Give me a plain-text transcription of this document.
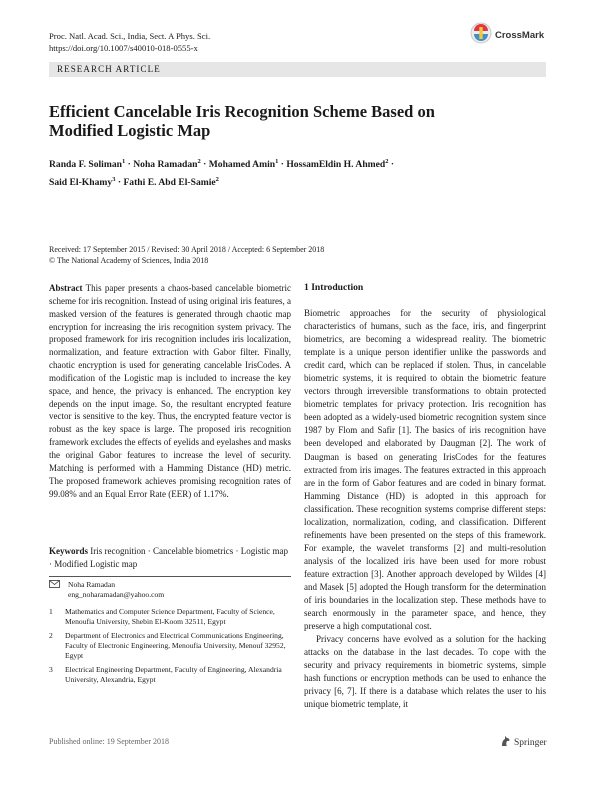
Proc. Natl. Acad. Sci., India, Sect. A Phys. Sci.
https://doi.org/10.1007/s40010-018-0555-x
CrossMark
RESEARCH ARTICLE
Efficient Cancelable Iris Recognition Scheme Based on Modified Logistic Map
Randa F. Soliman$^1$ · Noha Ramadan$^2$ · Mohamed Amin$^1$ · HossamEldin H. Ahmed$^2$ ·
Said El-Khamy$^3$ · Fathi E. Abd El-Samie$^2$
Received: 17 September 2015 / Revised: 30 April 2018 / Accepted: 6 September 2018
© The National Academy of Sciences, India 2018
Abstract This paper presents a chaos-based cancelable biometric scheme for iris recognition. Instead of using original iris features, a masked version of the features is generated through chaotic map encryption for increasing the iris recognition system privacy. The proposed framework for iris recognition includes iris localization, normalization, and feature extraction with Gabor filter. Finally, chaotic encryption is used for generating cancelable IrisCodes. A modification of the Logistic map is included to increase the key space, and hence, the privacy is enhanced. The encryption key depends on the input image. So, the resultant encrypted feature vector is sensitive to the key. Thus, the encrypted feature vector is robust as the key space is large. The proposed iris recognition framework excludes the effects of eyelids and eyelashes and masks the original Gabor features to increase the level of security. Matching is performed with a Hamming Distance (HD) metric. The proposed framework achieves promising recognition rates of 99.08% and an Equal Error Rate (EER) of 1.17%.
Keywords Iris recognition · Cancelable biometrics · Logistic map · Modified Logistic map
Noha Ramadan
eng_noharamadan@yahoo.com
1	Mathematics and Computer Science Department, Faculty of Science, Menoufia University, Shebin El-Koom 32511, Egypt
2	Department of Electronics and Electrical Communications Engineering, Faculty of Electronic Engineering, Menoufia University, Menouf 32952, Egypt
3	Electrical Engineering Department, Faculty of Engineering, Alexandria University, Alexandria, Egypt
1 Introduction

Biometric approaches for the security of physiological characteristics of humans, such as the face, iris, and fingerprint biometrics, are becoming a widespread reality. The biometric template is a unique person identifier unlike the passwords and credit card, which can be replaced if stolen. Thus, in cancelable biometric systems, it is required to obtain the biometric feature vectors through irreversible transformations to obtain protected biometric templates for privacy protection. Iris recognition has been adopted as a widely-used biometric recognition system since 1987 by Flom and Safir [1]. The basics of iris recognition have been developed and elaborated by Daugman [2]. The work of Daugman is based on generating IrisCodes for the features extracted from iris images. The features extracted in this approach are in the form of Gabor features and are coded in binary format. Hamming Distance (HD) is adopted in this approach for classification. These recognition systems comprise different steps: localization, normalization, coding, and classification. Different refinements have been presented on the steps of this framework. For example, the wavelet transforms [2] and multi-resolution analysis of the localized iris have been used for more robust feature extraction [3]. Another approach developed by Wildes [4] and Masek [5] adopted the Hough transform for the determination of iris boundaries in the localization step. These methods have to search enormously in the parameter space, and hence, they preserve a high computational cost.

Privacy concerns have evolved as a solution for the hacking attacks on the database in the last decades. To cope with the security and privacy requirements in biometric systems, simple hash functions or encryption methods can be used to enhance the privacy [6, 7]. If there is a database which relates the user to his unique biometric template, it

Published online: 19 September 2018	Springer
